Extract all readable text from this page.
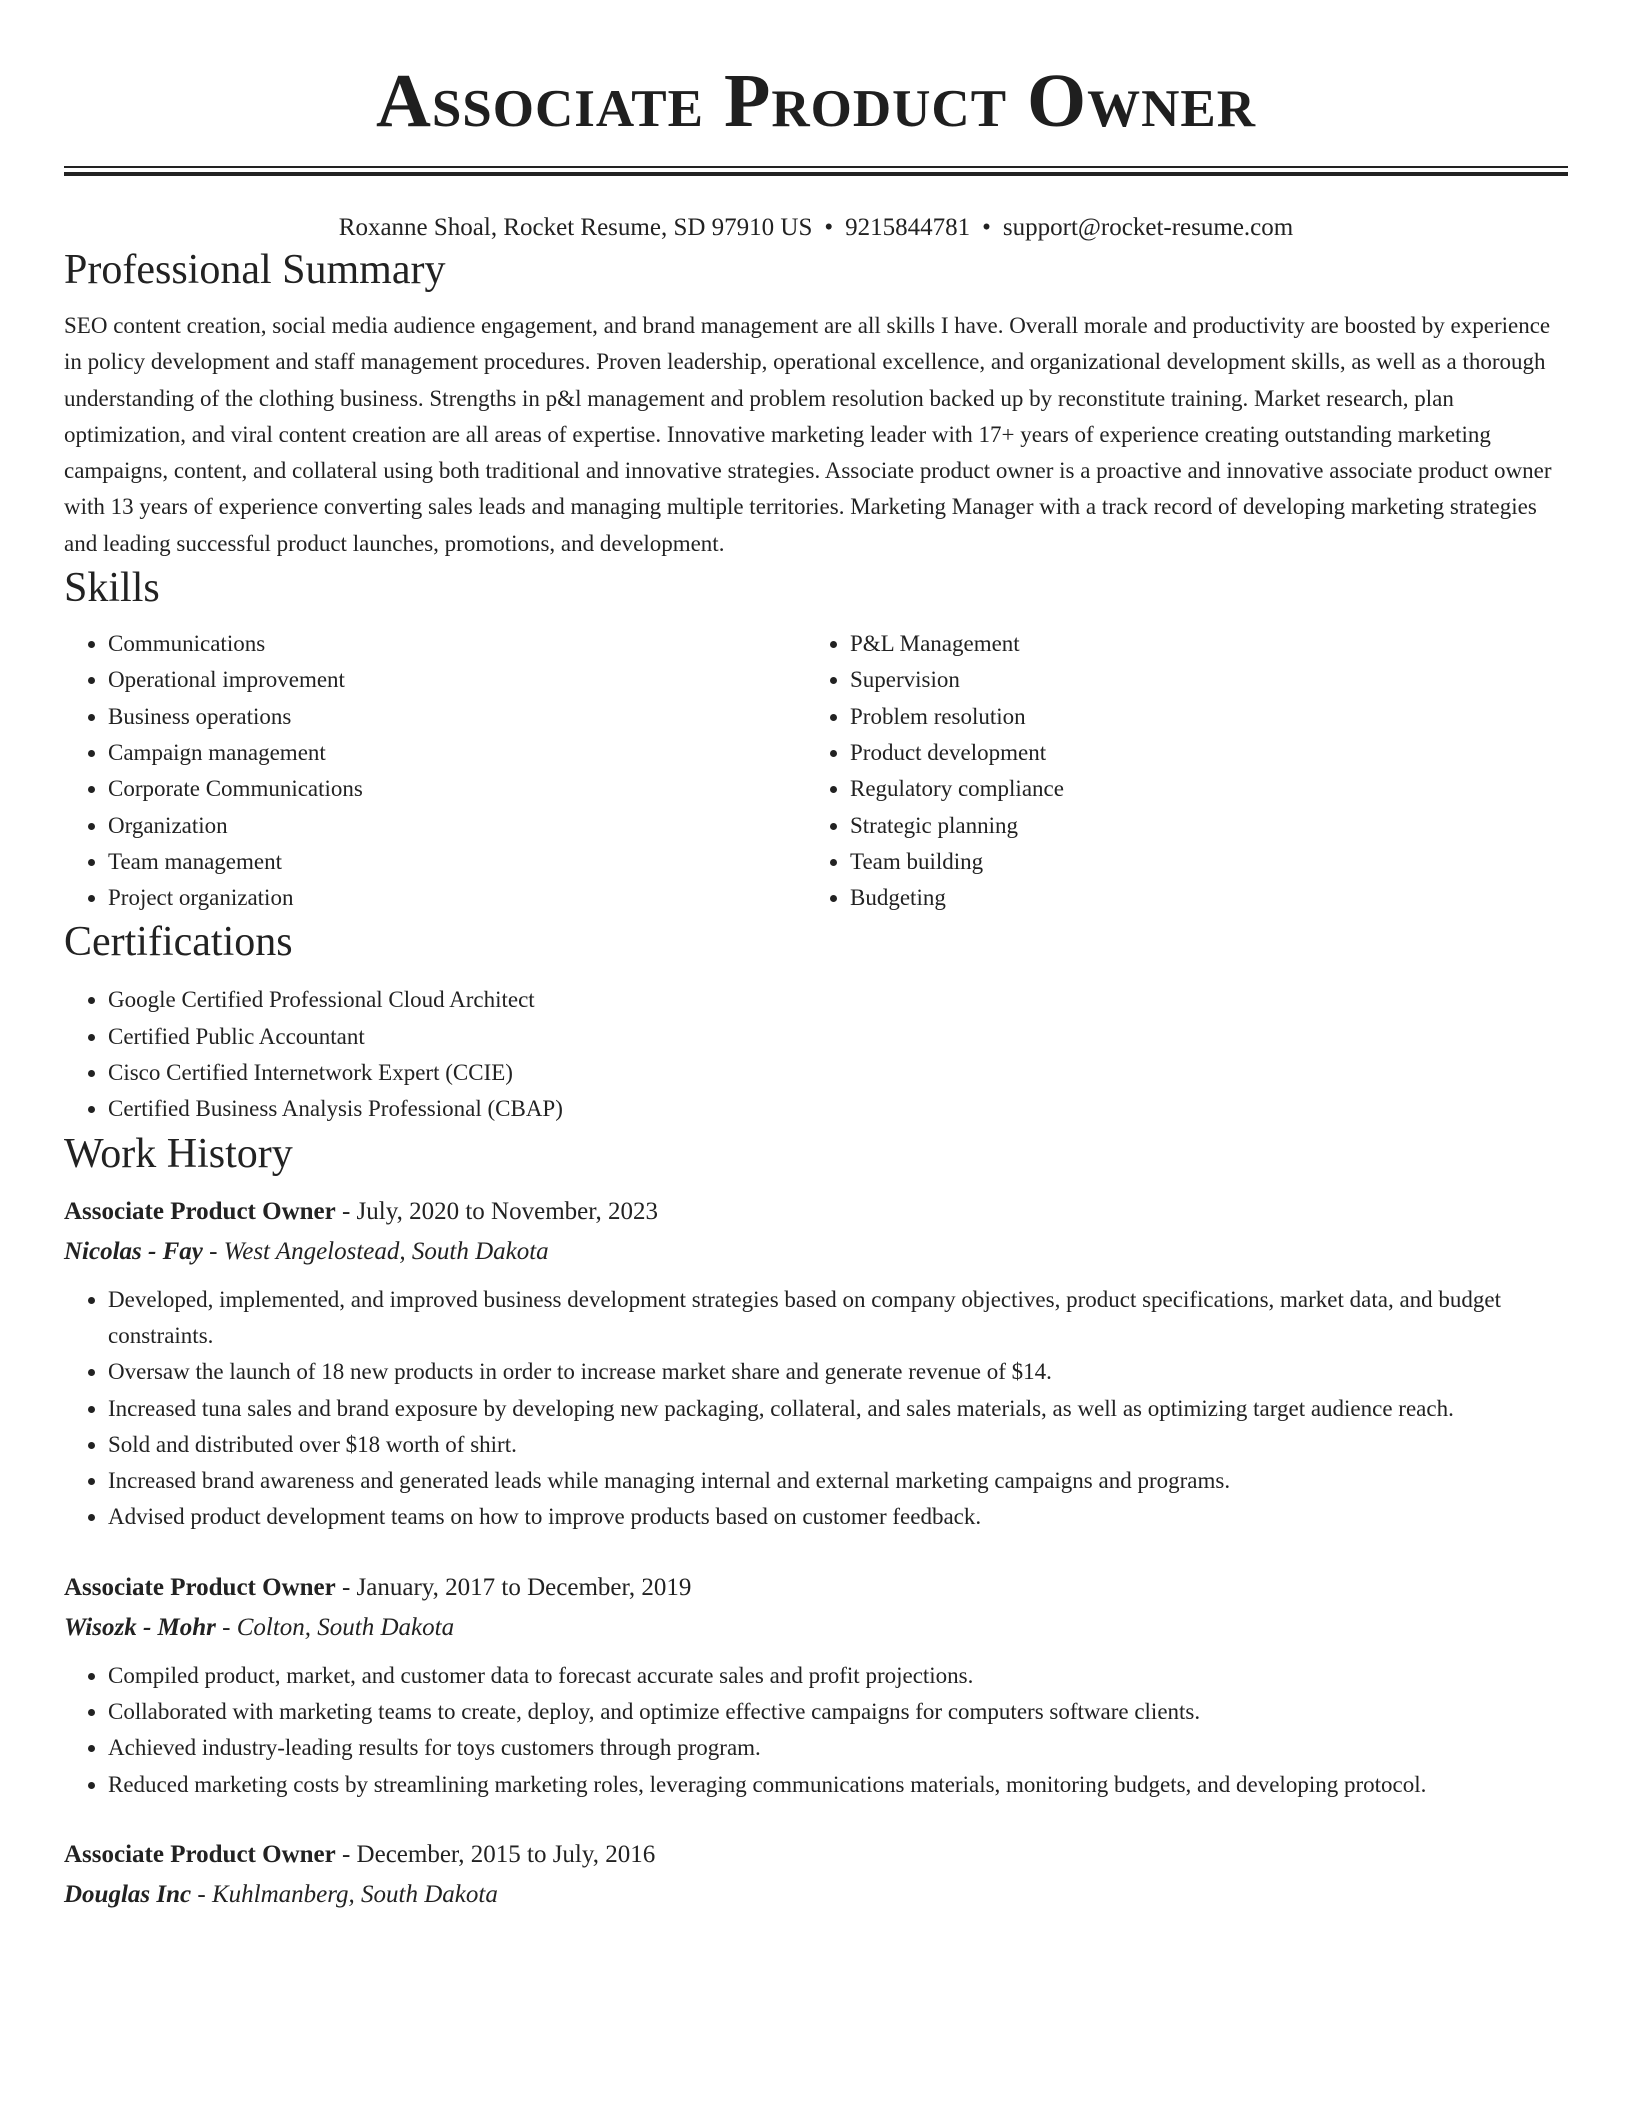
Associate Product Owner
Roxanne Shoal, Rocket Resume, SD 97910 US • 9215844781 • support@rocket-resume.com
Professional Summary

SEO content creation, social media audience engagement, and brand management are all skills I have. Overall morale and productivity are boosted by experience in policy development and staff management procedures. Proven leadership, operational excellence, and organizational development skills, as well as a thorough understanding of the clothing business. Strengths in p&l management and problem resolution backed up by reconstitute training. Market research, plan optimization, and viral content creation are all areas of expertise. Innovative marketing leader with 17+ years of experience creating outstanding marketing campaigns, content, and collateral using both traditional and innovative strategies. Associate product owner is a proactive and innovative associate product owner with 13 years of experience converting sales leads and managing multiple territories. Marketing Manager with a track record of developing marketing strategies and leading successful product launches, promotions, and development.

Skills
• Communications
• Operational improvement
• Business operations
• Campaign management
• Corporate Communications
• Organization
• Team management
• Project organization
• P&L Management
• Supervision
• Problem resolution
• Product development
• Regulatory compliance
• Strategic planning
• Team building
• Budgeting
Certifications
• Google Certified Professional Cloud Architect
• Certified Public Accountant
• Cisco Certified Internetwork Expert (CCIE)
• Certified Business Analysis Professional (CBAP)
Work History
Associate Product Owner - July, 2020 to November, 2023
Nicolas - Fay - West Angelostead, South Dakota
• Developed, implemented, and improved business development strategies based on company objectives, product specifications, market data, and budget constraints.
• Oversaw the launch of 18 new products in order to increase market share and generate revenue of $14.
• Increased tuna sales and brand exposure by developing new packaging, collateral, and sales materials, as well as optimizing target audience reach.
• Sold and distributed over $18 worth of shirt.
• Increased brand awareness and generated leads while managing internal and external marketing campaigns and programs.
• Advised product development teams on how to improve products based on customer feedback.
Associate Product Owner - January, 2017 to December, 2019
Wisozk - Mohr - Colton, South Dakota
• Compiled product, market, and customer data to forecast accurate sales and profit projections.
• Collaborated with marketing teams to create, deploy, and optimize effective campaigns for computers software clients.
• Achieved industry-leading results for toys customers through program.
• Reduced marketing costs by streamlining marketing roles, leveraging communications materials, monitoring budgets, and developing protocol.
Associate Product Owner - December, 2015 to July, 2016
Douglas Inc - Kuhlmanberg, South Dakota
